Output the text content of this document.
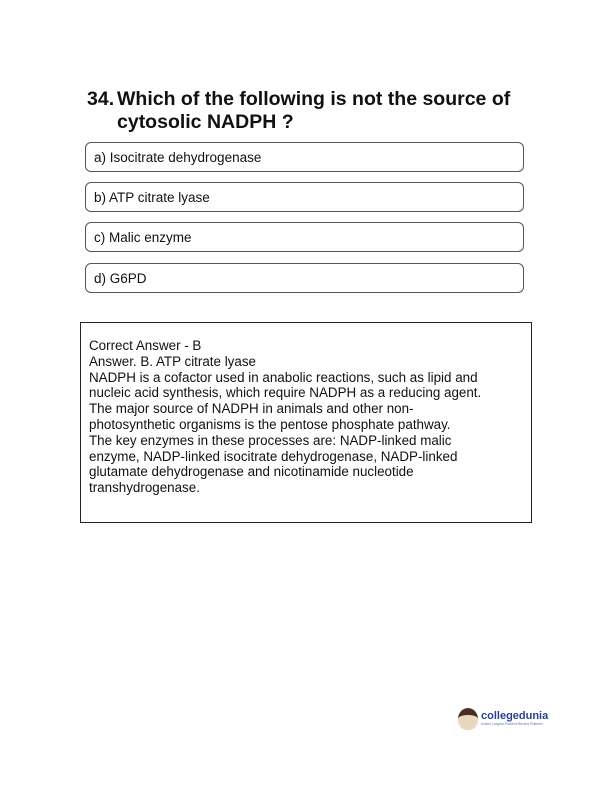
34. Which of the following is not the source of
cytosolic NADPH ?
a) Isocitrate dehydrogenase
b) ATP citrate lyase
c) Malic enzyme
d) G6PD
Correct Answer - B
Answer. B. ATP citrate lyase
NADPH is a cofactor used in anabolic reactions, such as lipid and
nucleic acid synthesis, which require NADPH as a reducing agent.
The major source of NADPH in animals and other non-
photosynthetic organisms is the pentose phosphate pathway.
The key enzymes in these processes are: NADP-linked malic
enzyme, NADP-linked isocitrate dehydrogenase, NADP-linked
glutamate dehydrogenase and nicotinamide nucleotide
transhydrogenase.
collegedunia
India's Largest Student Review Platform
